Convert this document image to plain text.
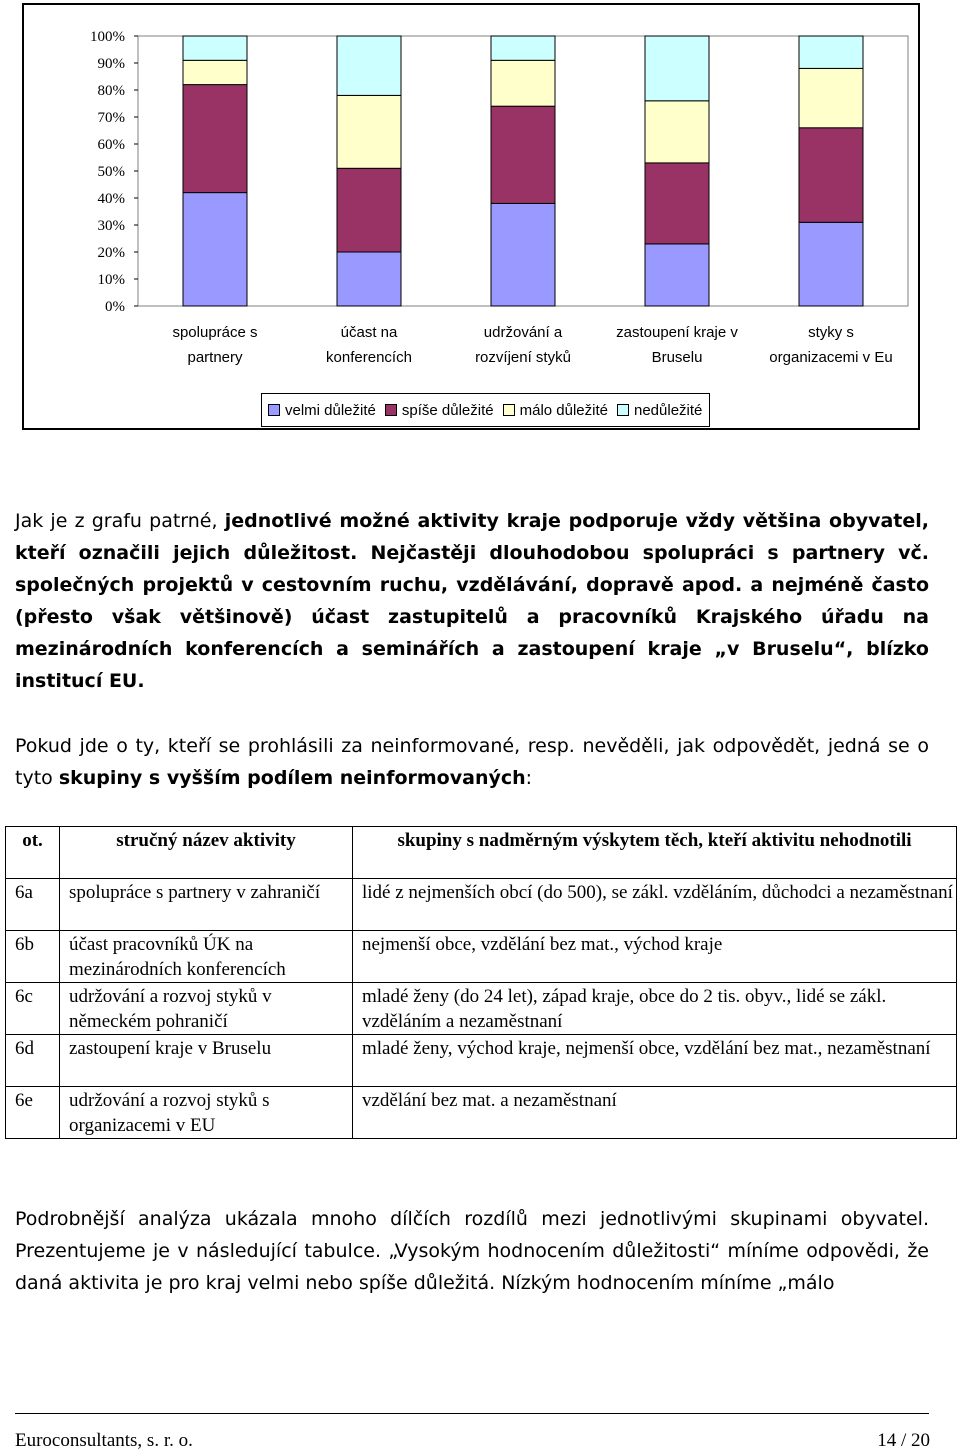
0%
10%
20%
30%
40%
50%
60%
70%
80%
90%
100%
spolupráce s
partnery
účast na
konferencích
udržování a
rozvíjení styků
zastoupení kraje v
Bruselu
styky s
organizacemi v Eu
velmi důležité spíše důležité málo důležité nedůležité

Jak je z grafu patrné, jednotlivé možné aktivity kraje podporuje vždy většina obyvatel, kteří označili jejich důležitost. Nejčastěji dlouhodobou spolupráci s partnery vč. společných projektů v cestovním ruchu, vzdělávání, dopravě apod. a nejméně často (přesto však většinově) účast zastupitelů a pracovníků Krajského úřadu na mezinárodních konferencích a seminářích a zastoupení kraje „v Bruselu“, blízko institucí EU.

Pokud jde o ty, kteří se prohlásili za neinformované, resp. nevěděli, jak odpovědět, jedná se o tyto skupiny s vyšším podílem neinformovaných:

ot.	stručný název aktivity	skupiny s nadměrným výskytem těch, kteří aktivitu nehodnotili
6a	spolupráce s partnery v zahraničí	lidé z nejmenších obcí (do 500), se zákl. vzděláním, důchodci a nezaměstnaní
6b	účast pracovníků ÚK na mezinárodních konferencích	nejmenší obce, vzdělání bez mat., východ kraje
6c	udržování a rozvoj styků v německém pohraničí	mladé ženy (do 24 let), západ kraje, obce do 2 tis. obyv., lidé se zákl. vzděláním a nezaměstnaní
6d	zastoupení kraje v Bruselu	mladé ženy, východ kraje, nejmenší obce, vzdělání bez mat., nezaměstnaní
6e	udržování a rozvoj styků s organizacemi v EU	vzdělání bez mat. a nezaměstnaní

Podrobnější analýza ukázala mnoho dílčích rozdílů mezi jednotlivými skupinami obyvatel. Prezentujeme je v následující tabulce. „Vysokým hodnocením důležitosti“ míníme odpovědi, že daná aktivita je pro kraj velmi nebo spíše důležitá. Nízkým hodnocením míníme „málo

Euroconsultants, s. r. o.	14 / 20
